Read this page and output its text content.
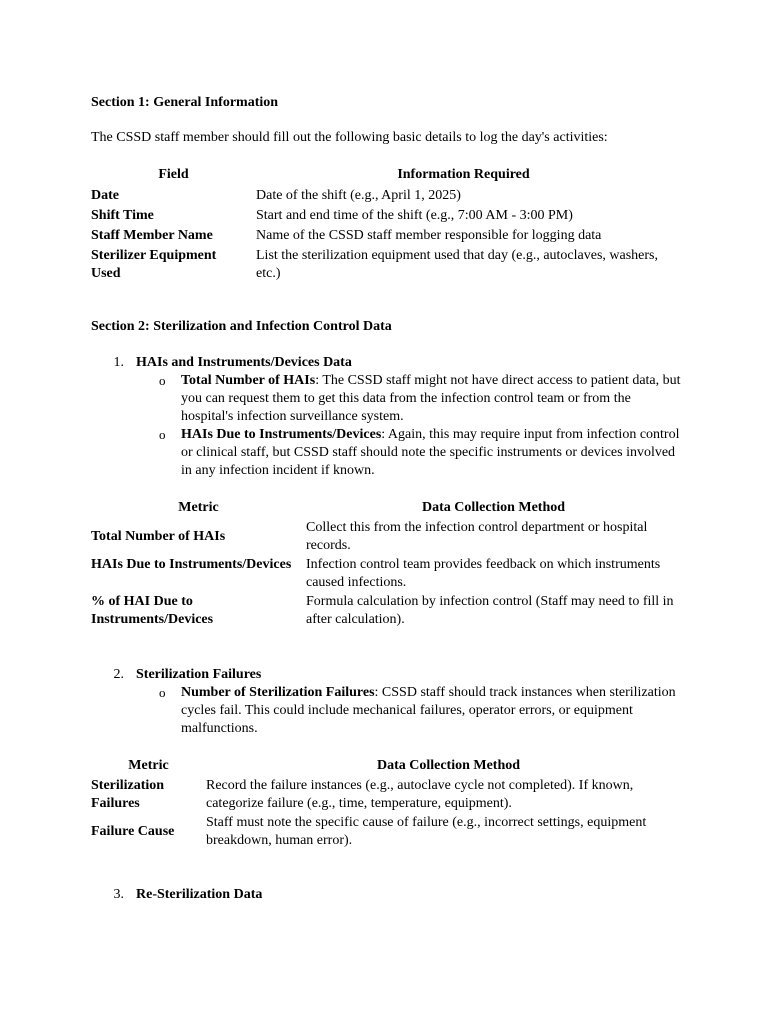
Section 1: General Information
The CSSD staff member should fill out the following basic details to log the day's activities:
Field	Information Required
Date	Date of the shift (e.g., April 1, 2025)
Shift Time	Start and end time of the shift (e.g., 7:00 AM - 3:00 PM)
Staff Member Name	Name of the CSSD staff member responsible for logging data
Sterilizer Equipment Used	List the sterilization equipment used that day (e.g., autoclaves, washers, etc.)
Section 2: Sterilization and Infection Control Data
1. HAIs and Instruments/Devices Data
o Total Number of HAIs: The CSSD staff might not have direct access to patient data, but you can request them to get this data from the infection control team or from the hospital's infection surveillance system.
o HAIs Due to Instruments/Devices: Again, this may require input from infection control or clinical staff, but CSSD staff should note the specific instruments or devices involved in any infection incident if known.
Metric	Data Collection Method
Total Number of HAIs	Collect this from the infection control department or hospital records.
HAIs Due to Instruments/Devices	Infection control team provides feedback on which instruments caused infections.
% of HAI Due to Instruments/Devices	Formula calculation by infection control (Staff may need to fill in after calculation).
2. Sterilization Failures
o Number of Sterilization Failures: CSSD staff should track instances when sterilization cycles fail. This could include mechanical failures, operator errors, or equipment malfunctions.
Metric	Data Collection Method
Sterilization Failures	Record the failure instances (e.g., autoclave cycle not completed). If known, categorize failure (e.g., time, temperature, equipment).
Failure Cause	Staff must note the specific cause of failure (e.g., incorrect settings, equipment breakdown, human error).
3. Re-Sterilization Data
